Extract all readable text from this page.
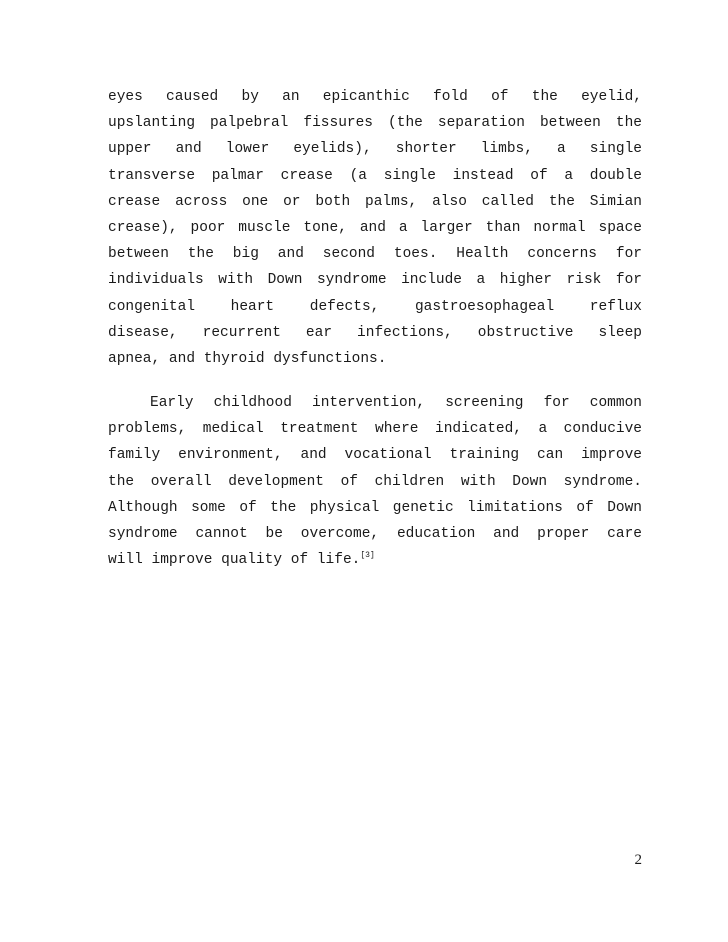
eyes caused by an epicanthic fold of the eyelid,
upslanting palpebral fissures (the separation between the
upper and lower eyelids), shorter limbs, a single
transverse palmar crease (a single instead of a double
crease across one or both palms, also called the Simian
crease), poor muscle tone, and a larger than normal space
between the big and second toes. Health concerns for
individuals with Down syndrome include a higher risk for
congenital heart defects, gastroesophageal reflux
disease, recurrent ear infections, obstructive sleep
apnea, and thyroid dysfunctions.
Early childhood intervention, screening for common
problems, medical treatment where indicated, a conducive
family environment, and vocational training can improve
the overall development of children with Down syndrome.
Although some of the physical genetic limitations of Down
syndrome cannot be overcome, education and proper care
will improve quality of life.[3]
2
